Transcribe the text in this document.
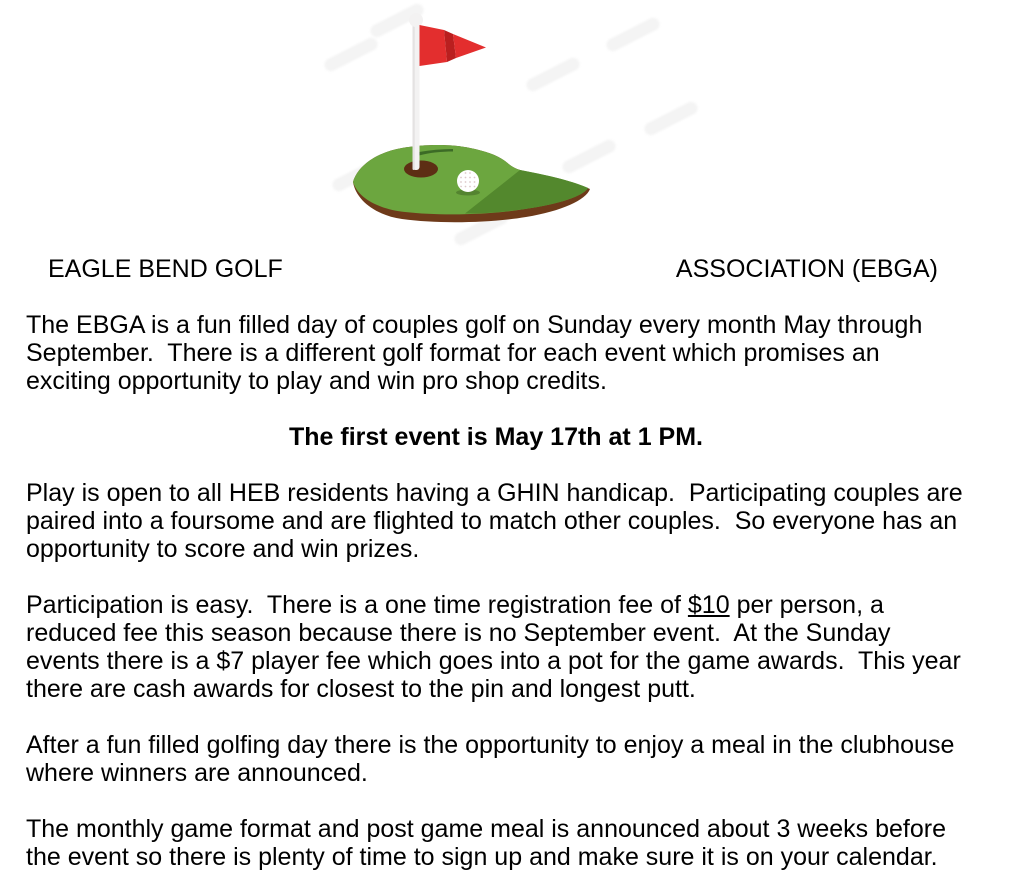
EAGLE BEND GOLF	ASSOCIATION (EBGA)

The EBGA is a fun filled day of couples golf on Sunday every month May through September.  There is a different golf format for each event which promises an exciting opportunity to play and win pro shop credits.

The first event is May 17th at 1 PM.

Play is open to all HEB residents having a GHIN handicap.  Participating couples are paired into a foursome and are flighted to match other couples.  So everyone has an opportunity to score and win prizes.

Participation is easy.  There is a one time registration fee of $10 per person, a reduced fee this season because there is no September event.  At the Sunday events there is a $7 player fee which goes into a pot for the game awards.  This year there are cash awards for closest to the pin and longest putt.

After a fun filled golfing day there is the opportunity to enjoy a meal in the clubhouse where winners are announced.

The monthly game format and post game meal is announced about 3 weeks before the event so there is plenty of time to sign up and make sure it is on your calendar.
